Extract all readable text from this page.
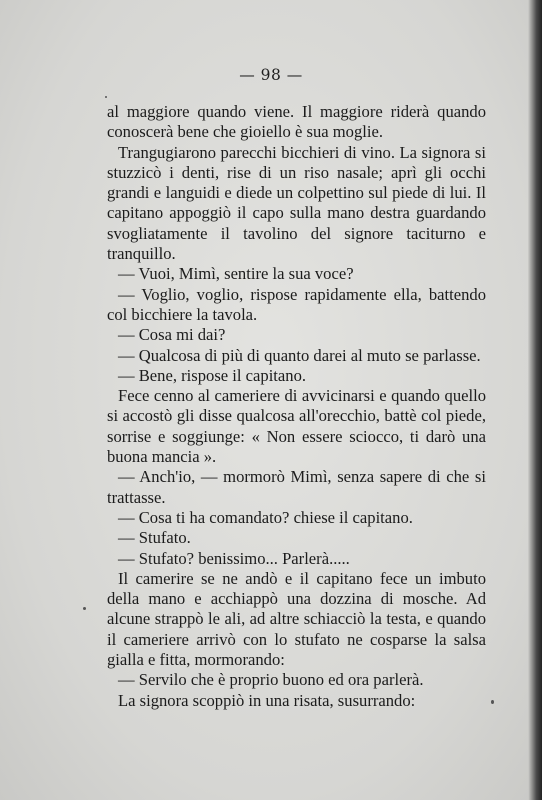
— 98 —

al maggiore quando viene. Il maggiore riderà quando conoscerà bene che gioiello è sua moglie.

Trangugiarono parecchi bicchieri di vino. La signora si stuzzicò i denti, rise di un riso nasale; aprì gli occhi grandi e languidi e diede un colpettino sul piede di lui. Il capitano appoggiò il capo sulla mano destra guardando svogliatamente il tavolino del signore taciturno e tranquillo.

— Vuoi, Mimì, sentire la sua voce?

— Voglio, voglio, rispose rapidamente ella, battendo col bicchiere la tavola.

— Cosa mi dai?

— Qualcosa di più di quanto darei al muto se parlasse.

— Bene, rispose il capitano.

Fece cenno al cameriere di avvicinarsi e quando quello si accostò gli disse qualcosa all'orecchio, battè col piede, sorrise e soggiunge: « Non essere sciocco, ti darò una buona mancia ».

— Anch'io, — mormorò Mimì, senza sapere di che si trattasse.

— Cosa ti ha comandato? chiese il capitano.

— Stufato.

— Stufato? benissimo... Parlerà.....

Il camerire se ne andò e il capitano fece un imbuto della mano e acchiappò una dozzina di mosche. Ad alcune strappò le ali, ad altre schiacciò la testa, e quando il cameriere arrivò con lo stufato ne cosparse la salsa gialla e fitta, mormorando:

— Servilo che è proprio buono ed ora parlerà.

La signora scoppiò in una risata, susurrando:
